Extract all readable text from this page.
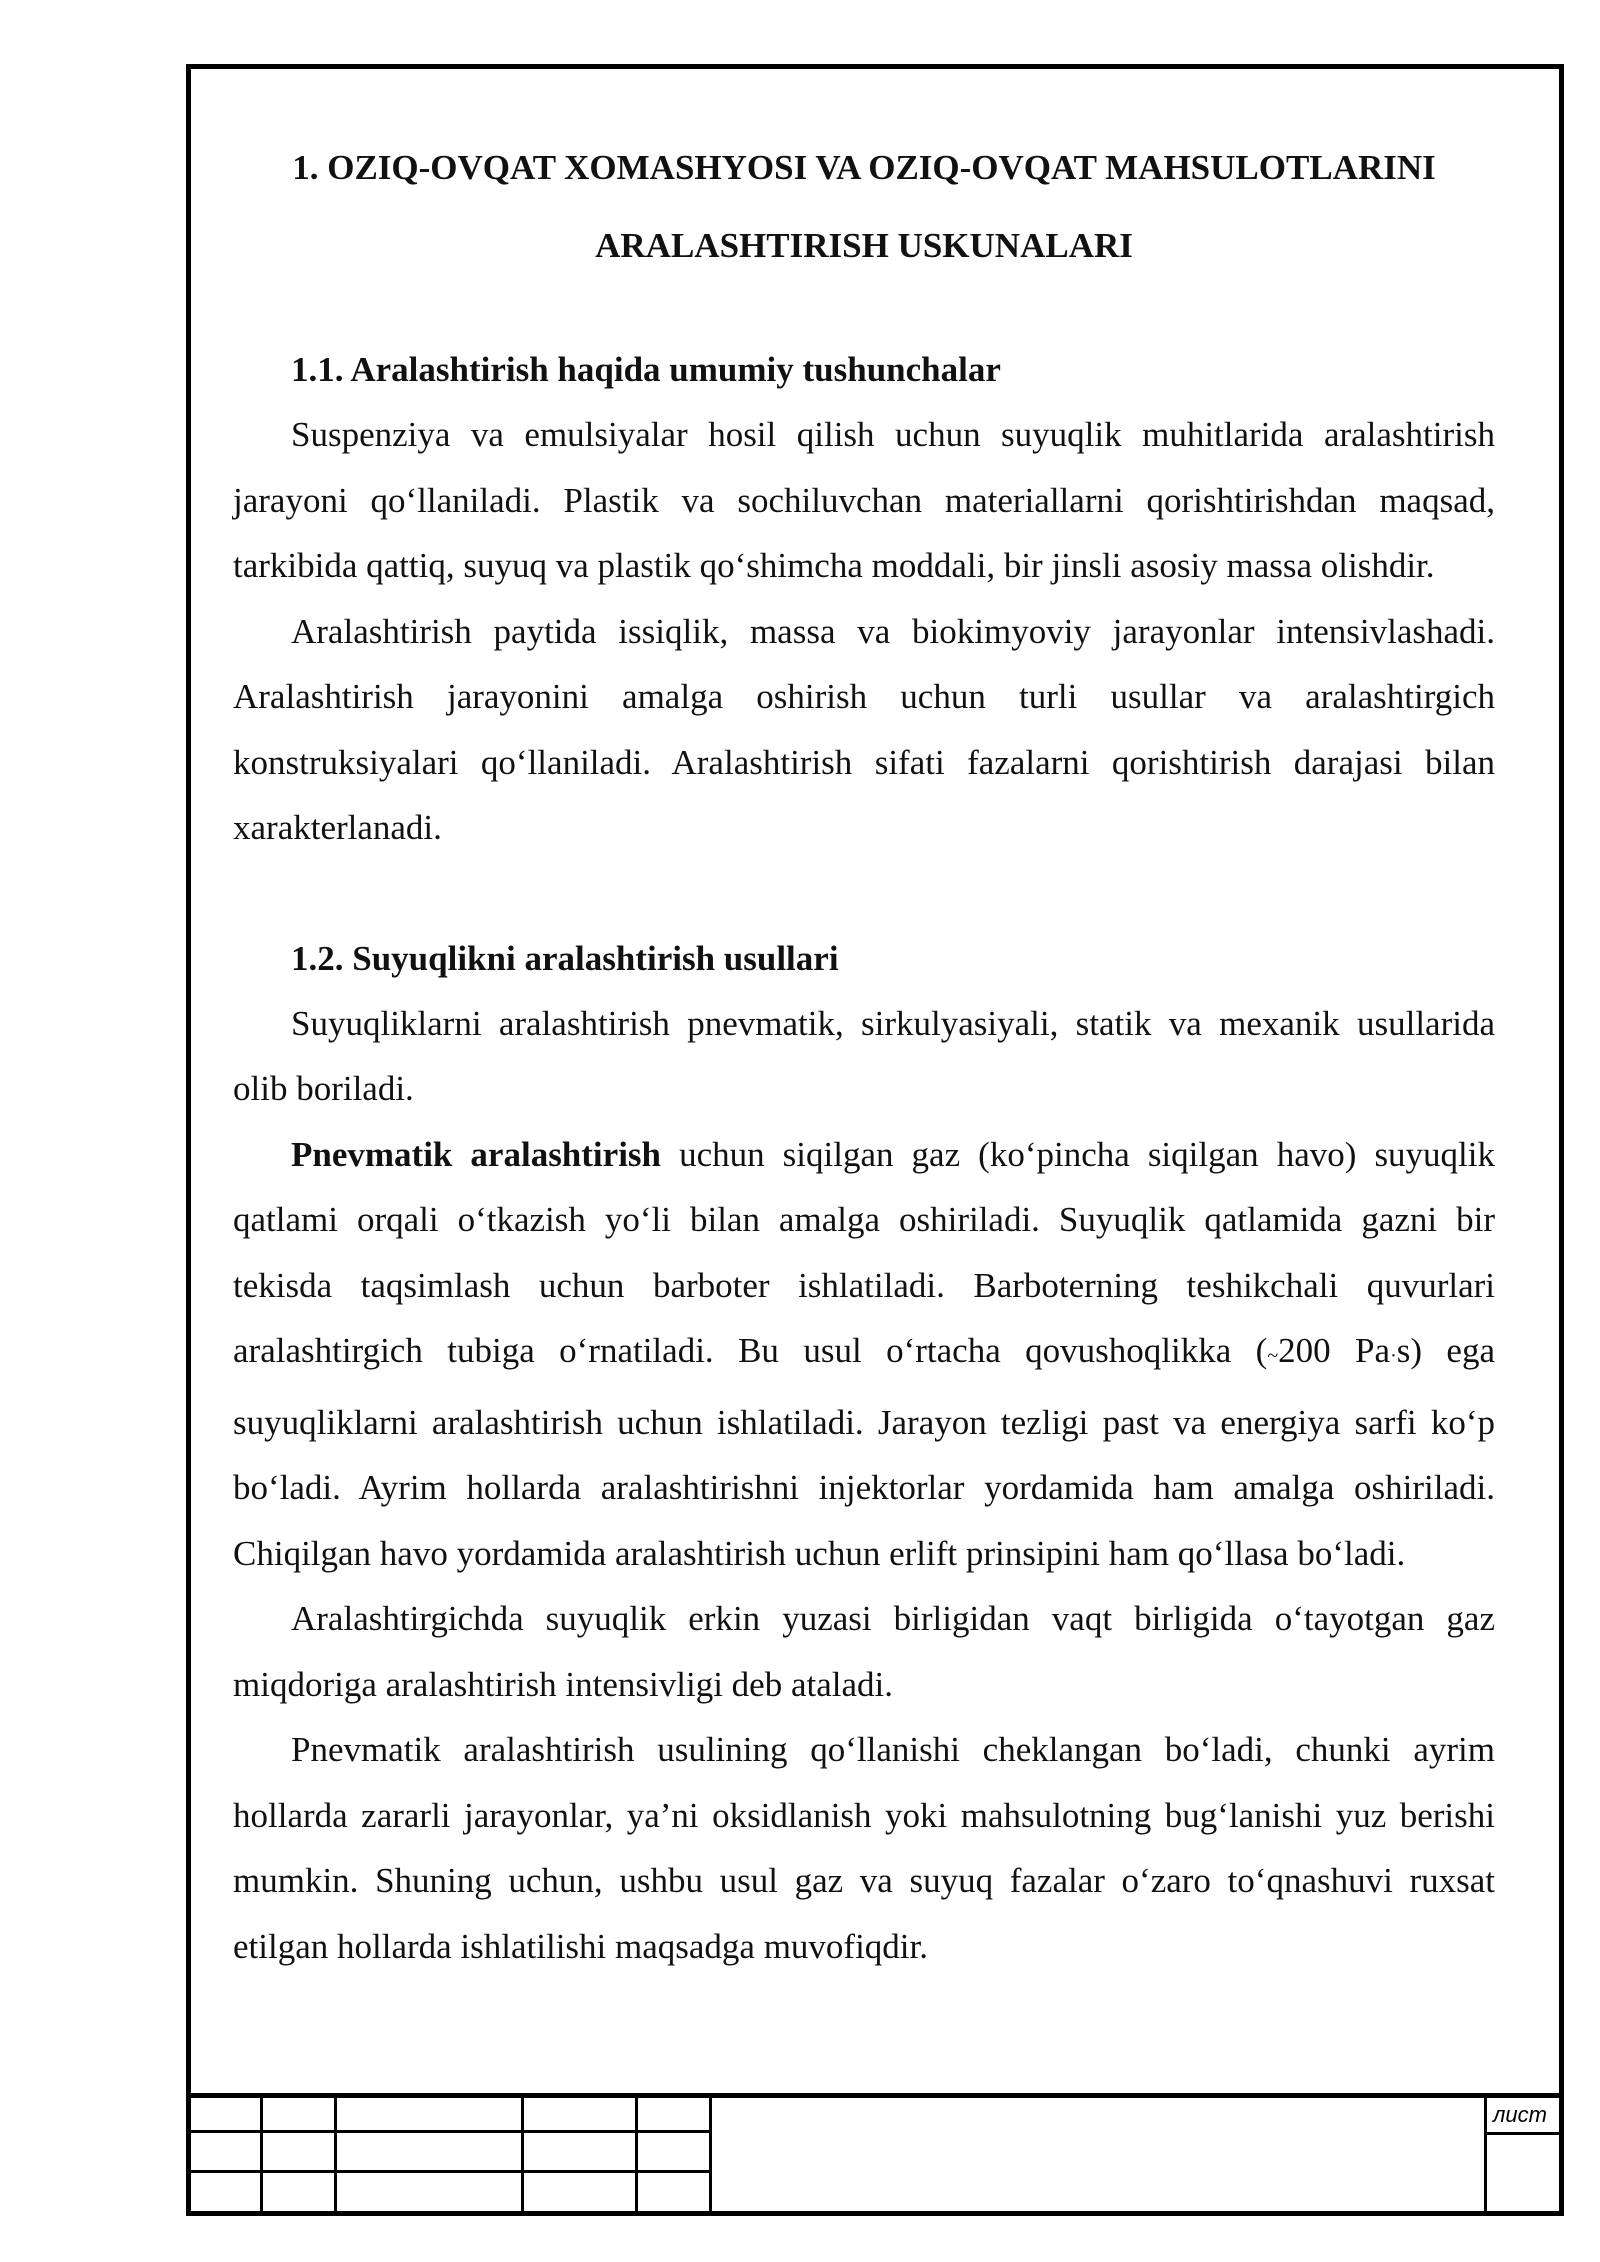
1. OZIQ-OVQAT XOMASHYOSI VA OZIQ-OVQAT MAHSULOTLARINI
ARALASHTIRISH USKUNALARI

1.1. Aralashtirish haqida umumiy tushunchalar

Suspenziya va emulsiyalar hosil qilish uchun suyuqlik muhitlarida aralashtirish jarayoni qo‘llaniladi. Plastik va sochiluvchan materiallarni qorishtirishdan maqsad, tarkibida qattiq, suyuq va plastik qo‘shimcha moddali, bir jinsli asosiy massa olishdir.

Aralashtirish paytida issiqlik, massa va biokimyoviy jarayonlar intensivlashadi. Aralashtirish jarayonini amalga oshirish uchun turli usullar va aralashtirgich konstruksiyalari qo‘llaniladi. Aralashtirish sifati fazalarni qorishtirish darajasi bilan xarakterlanadi.

1.2. Suyuqlikni aralashtirish usullari

Suyuqliklarni aralashtirish pnevmatik, sirkulyasiyali, statik va mexanik usullarida olib boriladi.

Pnevmatik aralashtirish uchun siqilgan gaz (ko‘pincha siqilgan havo) suyuqlik qatlami orqali o‘tkazish yo‘li bilan amalga oshiriladi. Suyuqlik qatlamida gazni bir tekisda taqsimlash uchun barboter ishlatiladi. Barboterning teshikchali quvurlari aralashtirgich tubiga o‘rnatiladi. Bu usul o‘rtacha qovushoqlikka (~200 Pa·s) ega suyuqliklarni aralashtirish uchun ishlatiladi. Jarayon tezligi past va energiya sarfi ko‘p bo‘ladi. Ayrim hollarda aralashtirishni injektorlar yordamida ham amalga oshiriladi. Chiqilgan havo yordamida aralashtirish uchun erlift prinsipini ham qo‘llasa bo‘ladi.

Aralashtirgichda suyuqlik erkin yuzasi birligidan vaqt birligida o‘tayotgan gaz miqdoriga aralashtirish intensivligi deb ataladi.

Pnevmatik aralashtirish usulining qo‘llanishi cheklangan bo‘ladi, chunki ayrim hollarda zararli jarayonlar, ya’ni oksidlanish yoki mahsulotning bug‘lanishi yuz berishi mumkin. Shuning uchun, ushbu usul gaz va suyuq fazalar o‘zaro to‘qnashuvi ruxsat etilgan hollarda ishlatilishi maqsadga muvofiqdir.

лист
